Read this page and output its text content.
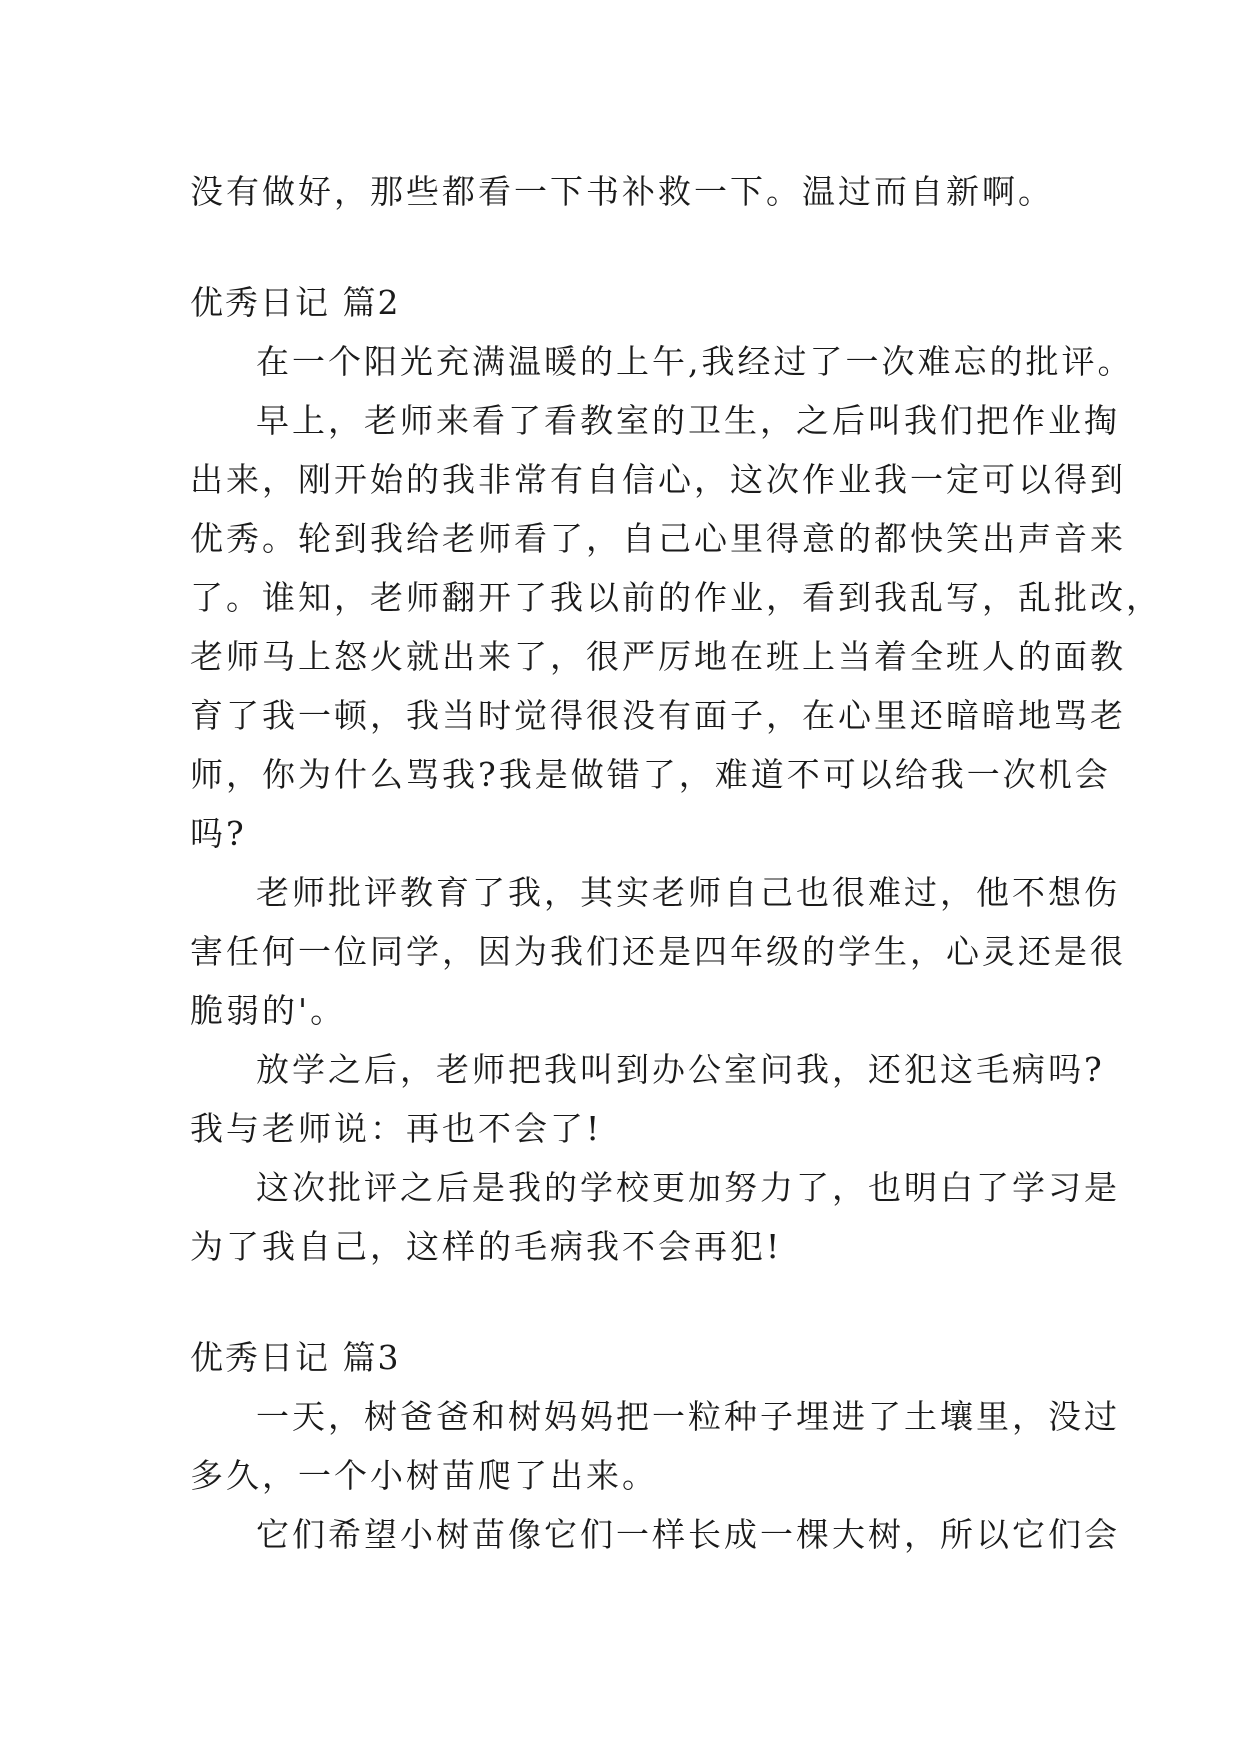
没有做好，那些都看一下书补救一下。温过而自新啊。
优秀日记 篇2
在一个阳光充满温暖的上午,我经过了一次难忘的批评。
早上，老师来看了看教室的卫生，之后叫我们把作业掏
出来，刚开始的我非常有自信心，这次作业我一定可以得到
优秀。轮到我给老师看了，自己心里得意的都快笑出声音来
了。谁知，老师翻开了我以前的作业，看到我乱写，乱批改，
老师马上怒火就出来了，很严厉地在班上当着全班人的面教
育了我一顿，我当时觉得很没有面子，在心里还暗暗地骂老
师，你为什么骂我?我是做错了，难道不可以给我一次机会
吗?
老师批评教育了我，其实老师自己也很难过，他不想伤
害任何一位同学，因为我们还是四年级的学生，心灵还是很
脆弱的'。
放学之后，老师把我叫到办公室问我，还犯这毛病吗?
我与老师说：再也不会了!
这次批评之后是我的学校更加努力了，也明白了学习是
为了我自己，这样的毛病我不会再犯!
优秀日记 篇3
一天，树爸爸和树妈妈把一粒种子埋进了土壤里，没过
多久，一个小树苗爬了出来。
它们希望小树苗像它们一样长成一棵大树，所以它们会
